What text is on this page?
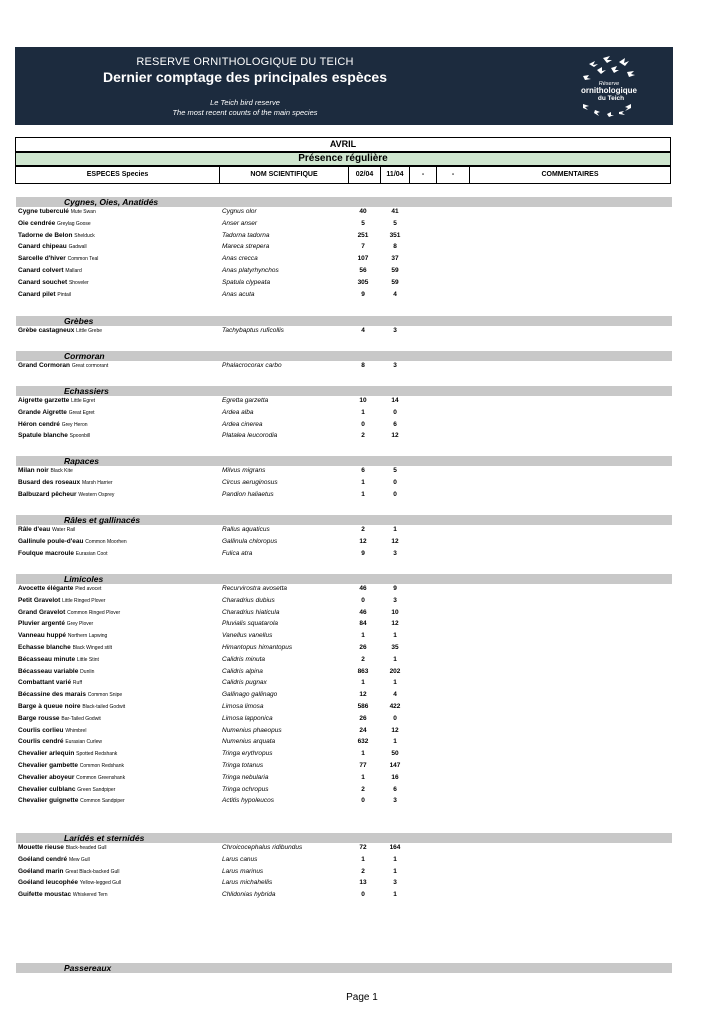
RESERVE ORNITHOLOGIQUE DU TEICH
Dernier comptage des principales espèces
Le Teich bird reserve
The most recent counts of the main species
Réserve
ornithologique
du Teich
AVRIL
Présence régulière
ESPECES Species	NOM SCIENTIFIQUE	02/04	11/04	-	-	COMMENTAIRES
Cygnes, Oies, Anatidés
Cygne tuberculé Mute Swan	Cygnus olor	40	41
Oie cendrée Greylag Goose	Anser anser	5	5
Tadorne de Belon Shelduck	Tadorna tadorna	251	351
Canard chipeau Gadwall	Mareca strepera	7	8
Sarcelle d'hiver Common Teal	Anas crecca	107	37
Canard colvert Mallard	Anas platyrhynchos	56	59
Canard souchet Shoveler	Spatula clypeata	305	59
Canard pilet Pintail	Anas acuta	9	4
Grèbes
Grèbe castagneux Little Grebe	Tachybaptus ruficollis	4	3
Cormoran
Grand Cormoran Great cormorant	Phalacrocorax carbo	8	3
Echassiers
Aigrette garzette Little Egret	Egretta garzetta	10	14
Grande Aigrette Great Egret	Ardea alba	1	0
Héron cendré Grey Heron	Ardea cinerea	0	6
Spatule blanche Spoonbill	Platalea leucorodia	2	12
Rapaces
Milan noir Black Kite	Milvus migrans	6	5
Busard des roseaux Marsh Harrier	Circus aeruginosus	1	0
Balbuzard pêcheur Western Osprey	Pandion haliaetus	1	0
Râles et gallinacés
Râle d'eau Water Rail	Rallus aquaticus	2	1
Gallinule poule-d'eau Common Moorhen	Gallinula chloropus	12	12
Foulque macroule Eurasian Coot	Fulica atra	9	3
Limicoles
Avocette élégante Pied avocet	Recurvirostra avosetta	46	9
Petit Gravelot Little Ringed Plover	Charadrius dubius	0	3
Grand Gravelot Common Ringed Plover	Charadrius hiaticula	46	10
Pluvier argenté Grey Plover	Pluvialis squatarola	84	12
Vanneau huppé Northern Lapwing	Vanellus vanellus	1	1
Echasse blanche Black Winged stilt	Himantopus himantopus	26	35
Bécasseau minute Little Stint	Calidris minuta	2	1
Bécasseau variable Dunlin	Calidris alpina	863	202
Combattant varié Ruff	Calidris pugnax	1	1
Bécassine des marais Common Snipe	Gallinago gallinago	12	4
Barge à queue noire Black-tailed Godwit	Limosa limosa	586	422
Barge rousse Bar-Tailed Godwit	Limosa lapponica	26	0
Courlis corlieu Whimbrel	Numenius phaeopus	24	12
Courlis cendré Eurasian Curlew	Numenius arquata	632	1
Chevalier arlequin Spotted Redshank	Tringa erythropus	1	50
Chevalier gambette Common Redshank	Tringa totanus	77	147
Chevalier aboyeur Common Greenshank	Tringa nebularia	1	16
Chevalier culblanc Green Sandpiper	Tringa ochropus	2	6
Chevalier guignette Common Sandpiper	Actitis hypoleucos	0	3
Laridés et sternidés
Mouette rieuse Black-headed Gull	Chroicocephalus ridibundus	72	164
Goéland cendré Mew Gull	Larus canus	1	1
Goéland marin Great Black-backed Gull	Larus marinus	2	1
Goéland leucophée Yellow-legged Gull	Larus michahellis	13	3
Guifette moustac Whiskered Tern	Chlidonias hybrida	0	1
Passereaux
Page 1
